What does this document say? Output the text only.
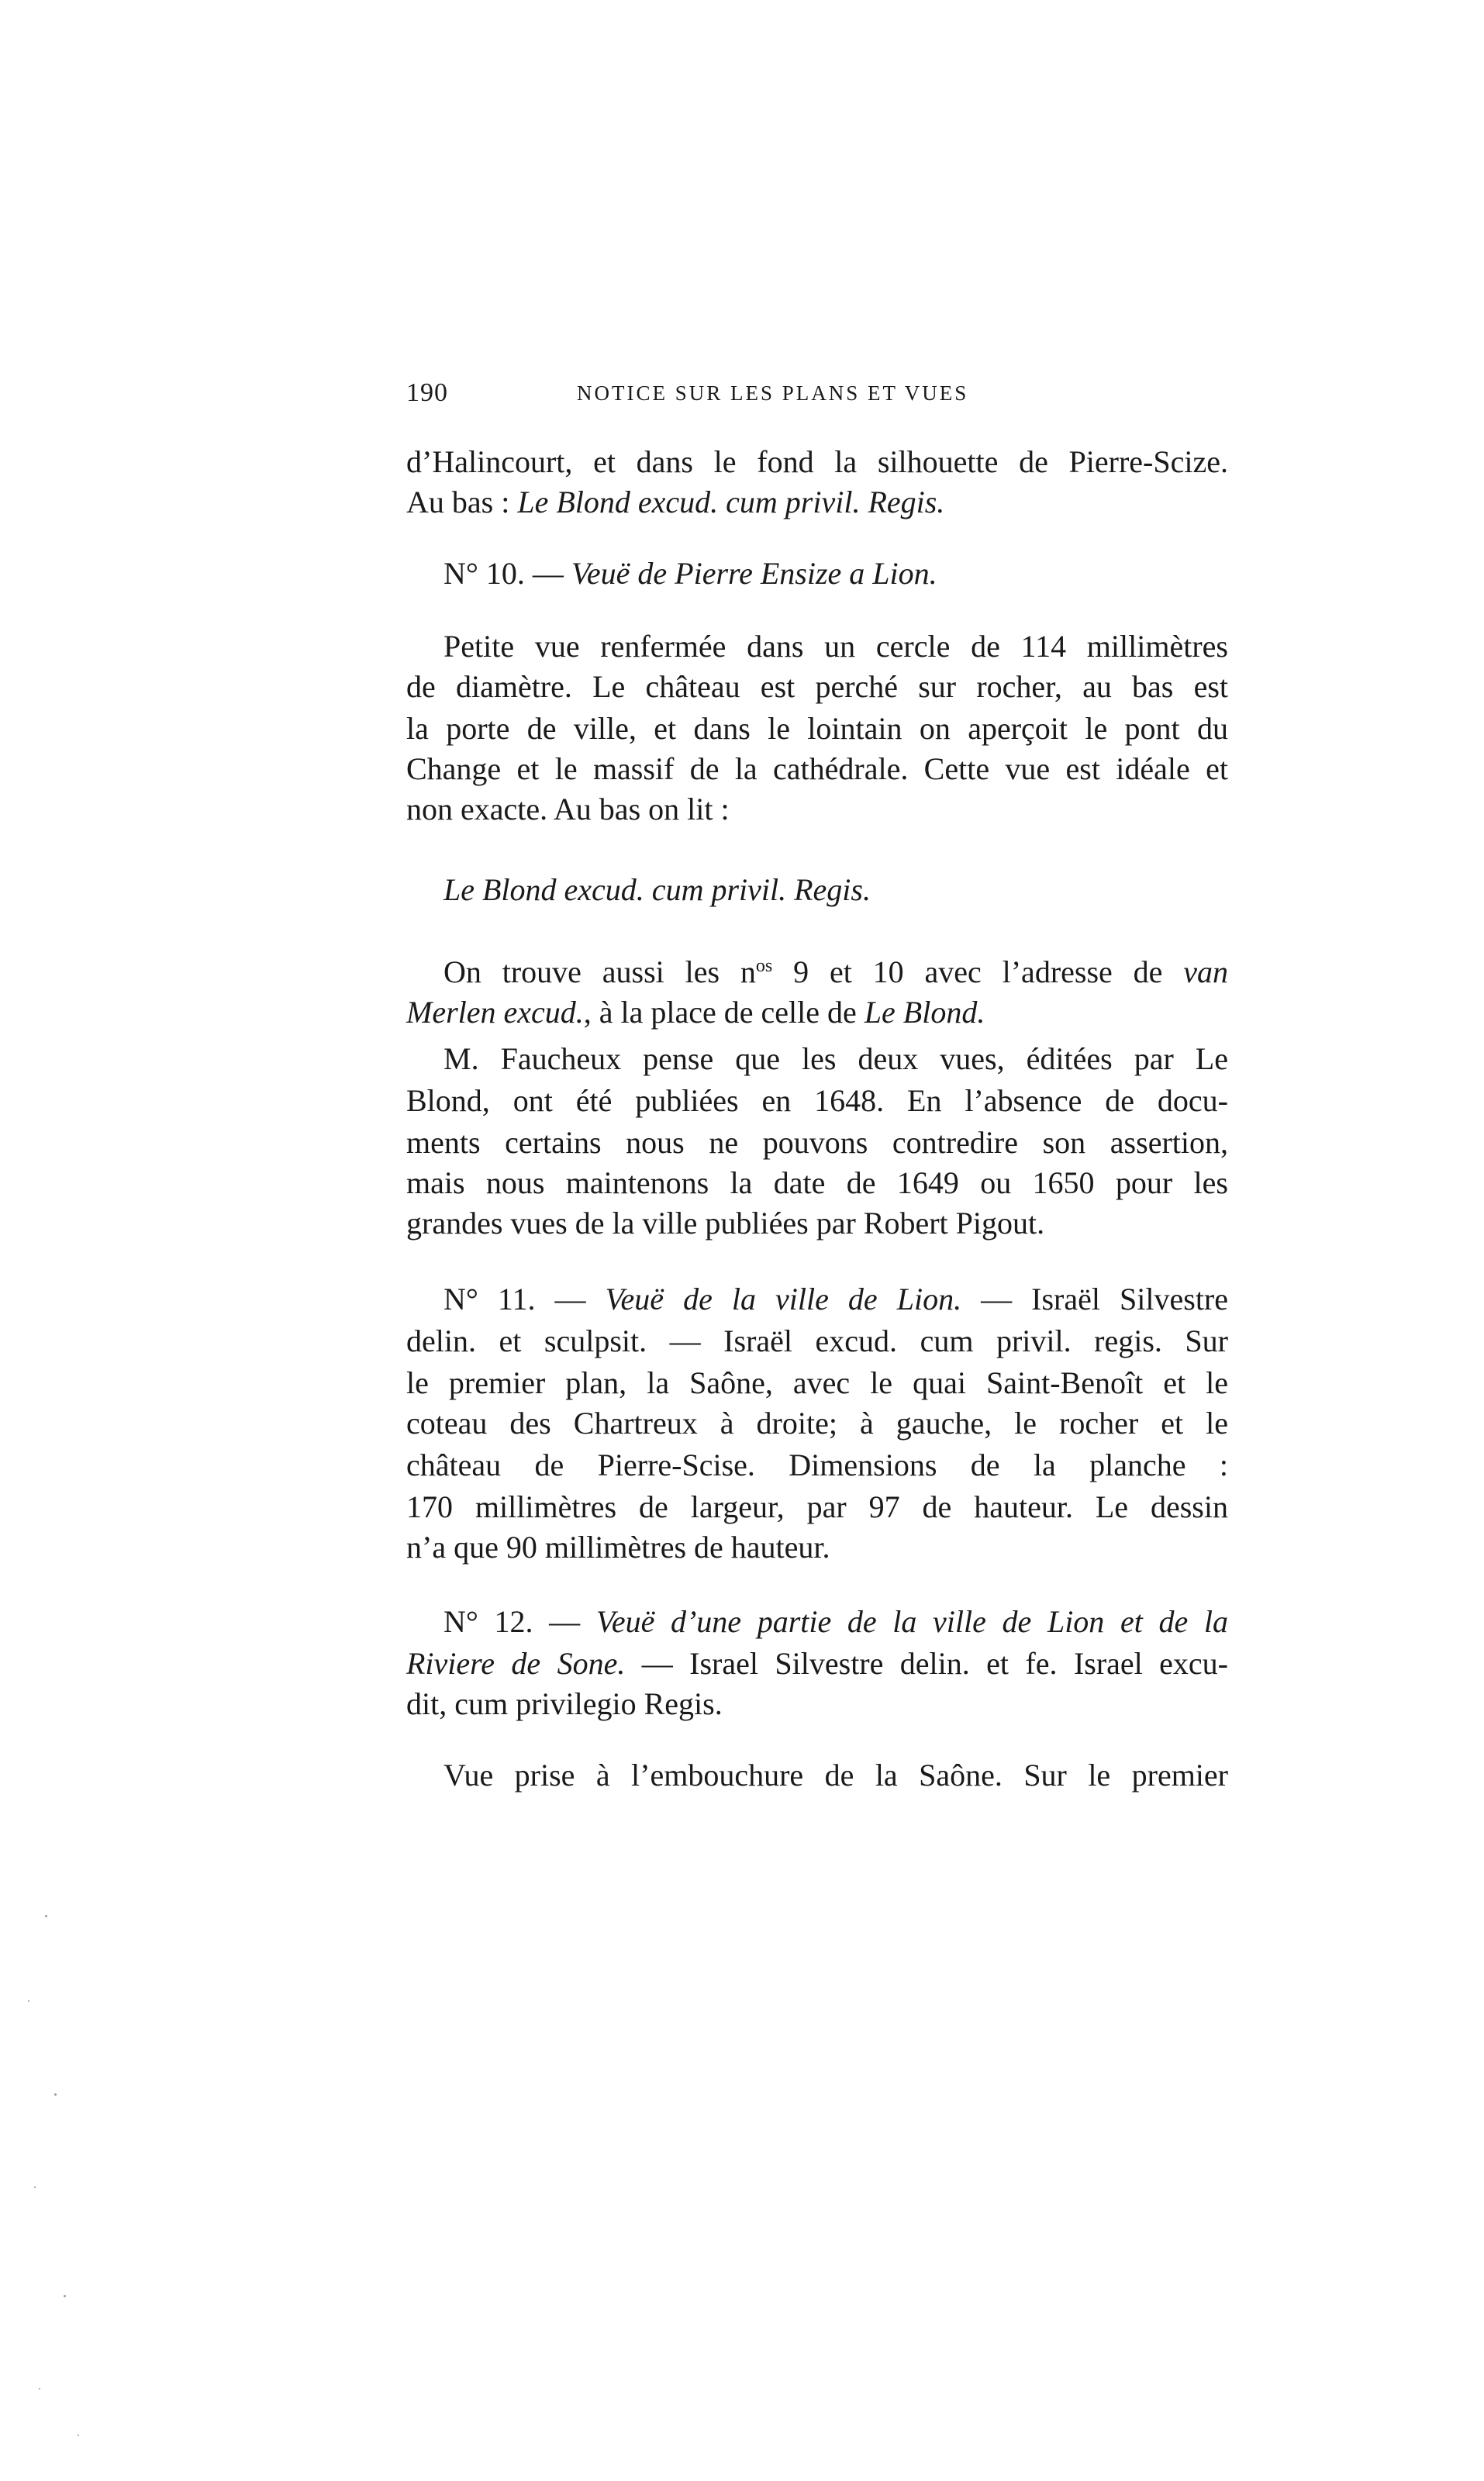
190	NOTICE SUR LES PLANS ET VUES
d’Halincourt, et dans le fond la silhouette de Pierre-Scize.
Au bas : Le Blond excud. cum privil. Regis.
N° 10. — Veuë de Pierre Ensize a Lion.
Petite vue renfermée dans un cercle de 114 millimètres
de diamètre. Le château est perché sur rocher, au bas est
la porte de ville, et dans le lointain on aperçoit le pont du
Change et le massif de la cathédrale. Cette vue est idéale et
non exacte. Au bas on lit :
Le Blond excud. cum privil. Regis.
On trouve aussi les $n^{os}$ 9 et 10 avec l’adresse de van
Merlen excud., à la place de celle de Le Blond.
M. Faucheux pense que les deux vues, éditées par Le
Blond, ont été publiées en 1648. En l’absence de docu-
ments certains nous ne pouvons contredire son assertion,
mais nous maintenons la date de 1649 ou 1650 pour les
grandes vues de la ville publiées par Robert Pigout.
N° 11. — Veuë de la ville de Lion. — Israël Silvestre
delin. et sculpsit. — Israël excud. cum privil. regis. Sur
le premier plan, la Saône, avec le quai Saint-Benoît et le
coteau des Chartreux à droite; à gauche, le rocher et le
château de Pierre-Scise. Dimensions de la planche :
170 millimètres de largeur, par 97 de hauteur. Le dessin
n’a que 90 millimètres de hauteur.
N° 12. — Veuë d’une partie de la ville de Lion et de la
Riviere de Sone. — Israel Silvestre delin. et fe. Israel excu-
dit, cum privilegio Regis.
Vue prise à l’embouchure de la Saône. Sur le premier
